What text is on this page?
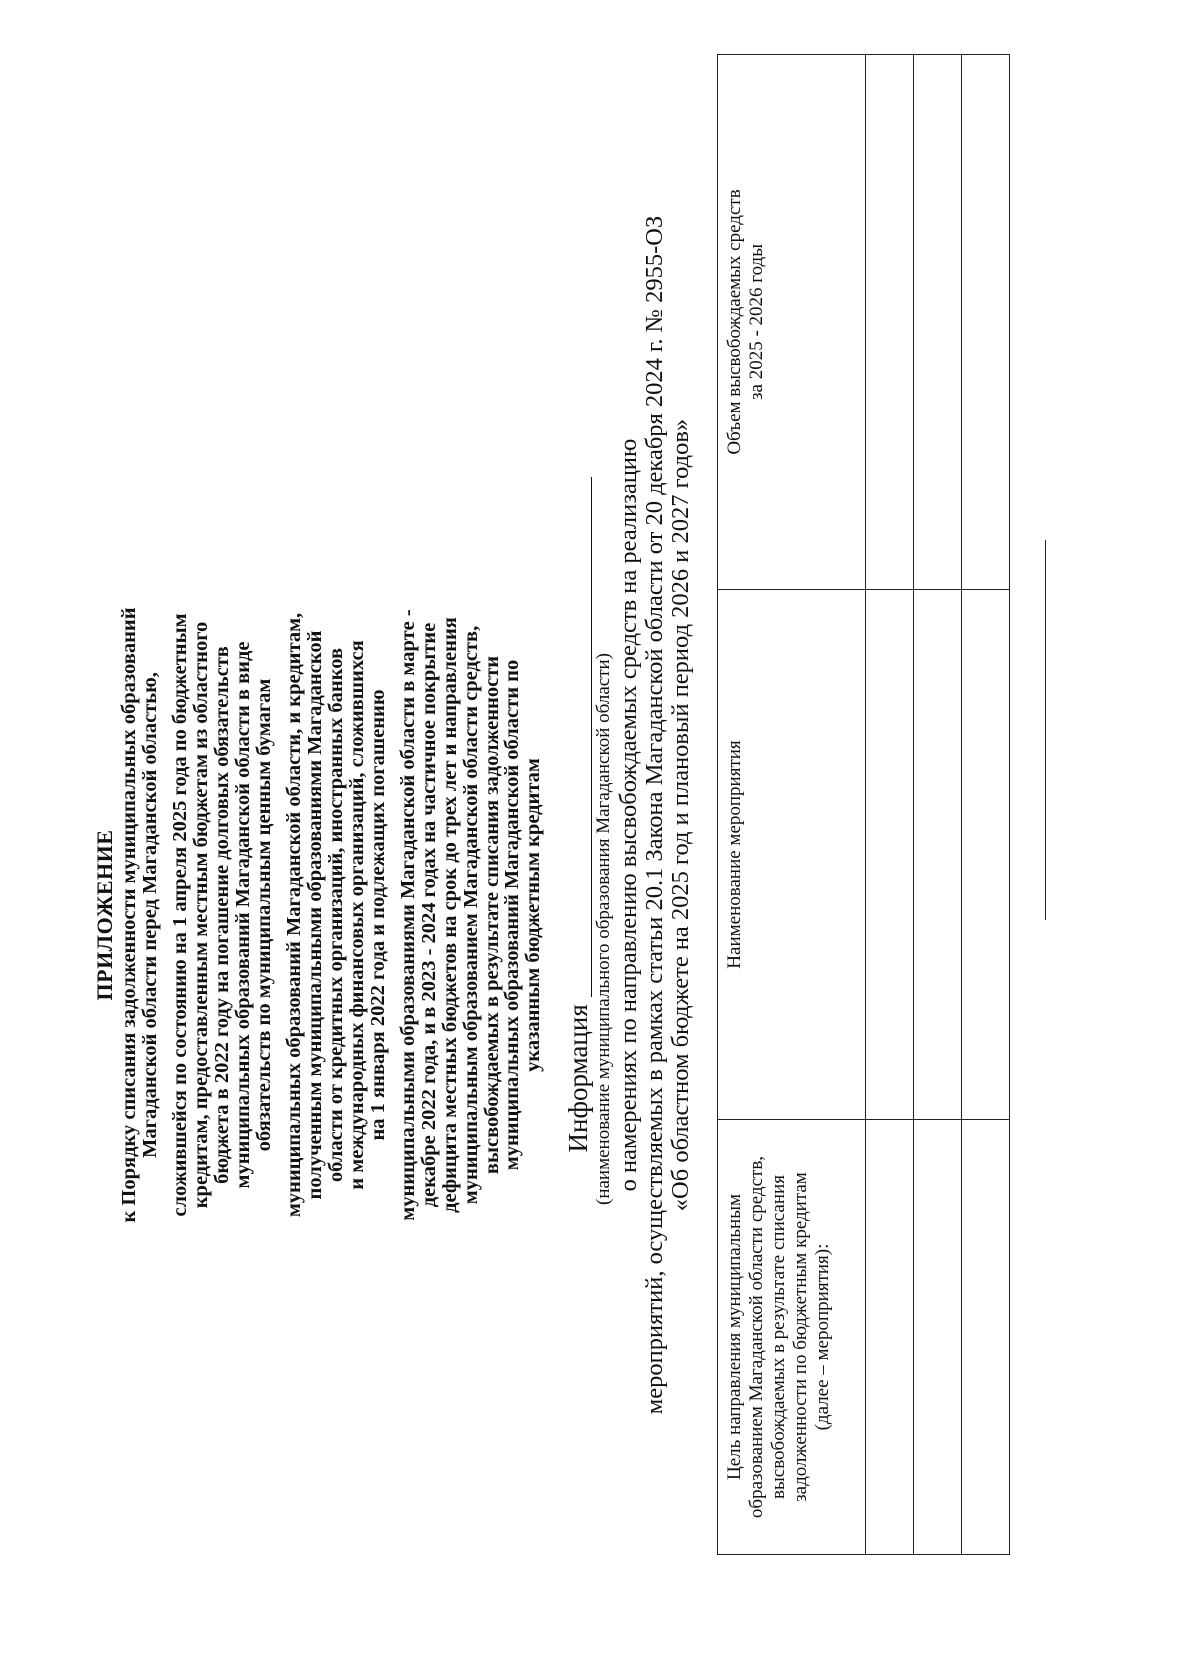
ПРИЛОЖЕНИЕ к Порядку списания задолженности муниципальных образований
Магаданской области перед Магаданской областью, сложившейся по состоянию на 1 апреля 2025 года по бюджетным
кредитам, предоставленным местным бюджетам из областного
бюджета в 2022 году на погашение долговых обязательств
муниципальных образований Магаданской области в виде
обязательств по муниципальным ценным бумагам муниципальных образований Магаданской области, и кредитам,
полученным муниципальными образованиями Магаданской
области от кредитных организаций, иностранных банков
и международных финансовых организаций, сложившихся
на 1 января 2022 года и подлежащих погашению муниципальными образованиями Магаданской области в марте -
декабре 2022 года, и в 2023 - 2024 годах на частичное покрытие
дефицита местных бюджетов на срок до трех лет и направления
муниципальным образованием Магаданской области средств,
высвобождаемых в результате списания задолженности
муниципальных образований Магаданской области по
указанным бюджетным кредитам
Информация (наименование муниципального образования Магаданской области) о намерениях по направлению высвобождаемых средств на реализацию мероприятий, осуществляемых в рамках статьи 20.1 Закона Магаданской области от 20 декабря 2024 г. № 2955-ОЗ «Об областном бюджете на 2025 год и плановый период 2026 и 2027 годов»
Цель направления муниципальным образованием Магаданской области средств, высвобождаемых в результате списания задолженности по бюджетным кредитам (далее – мероприятия):	Наименование мероприятия	Объем высвобождаемых средств за 2025 - 2026 годы
